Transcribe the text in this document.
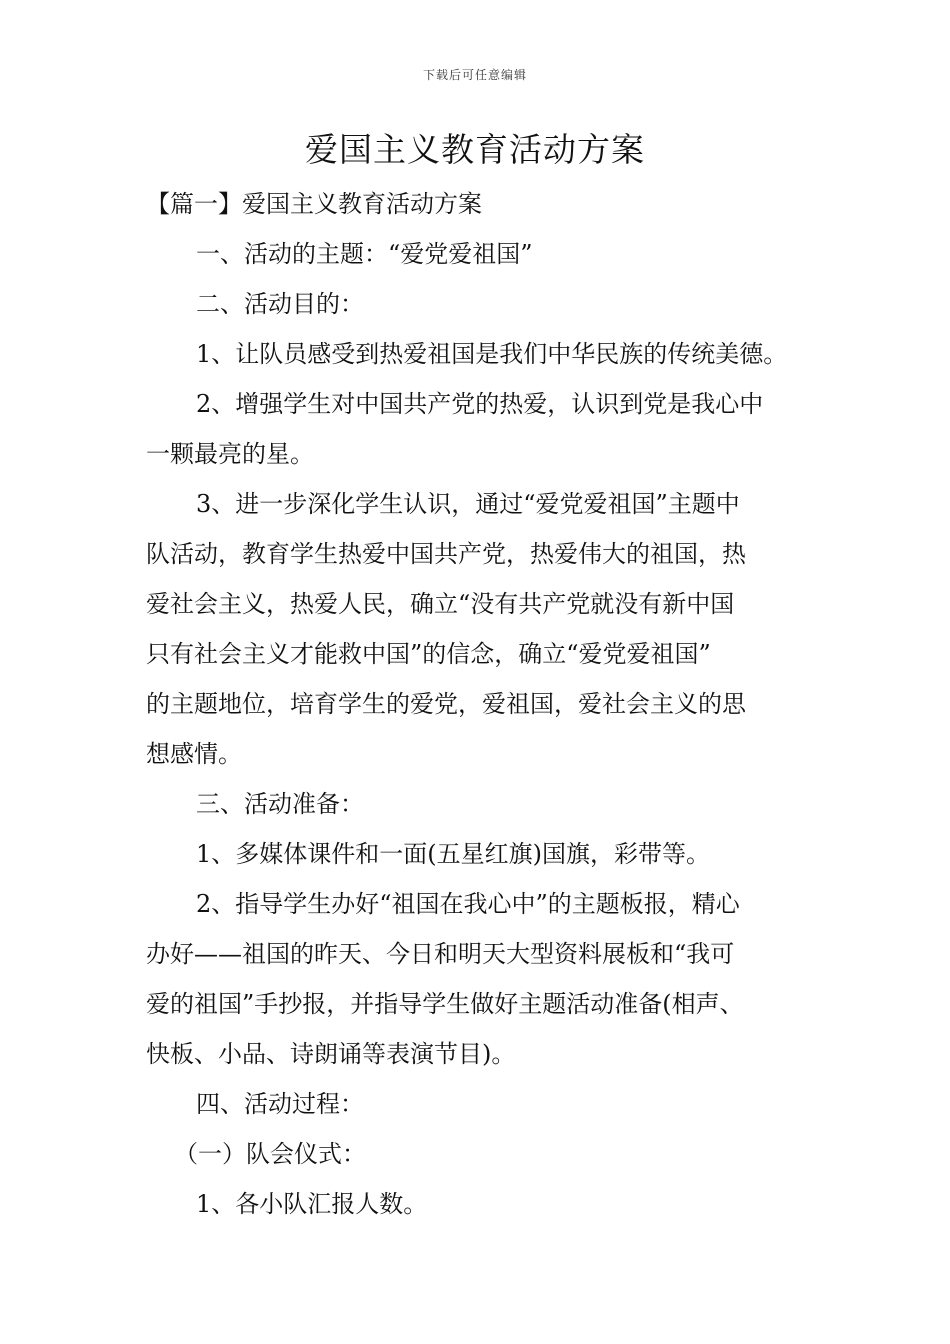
下载后可任意编辑
爱国主义教育活动方案

【篇一】爱国主义教育活动方案

一、活动的主题：“爱党爱祖国”

二、活动目的：

1、让队员感受到热爱祖国是我们中华民族的传统美德。

2、增强学生对中国共产党的热爱，认识到党是我心中

一颗最亮的星。

3、进一步深化学生认识，通过“爱党爱祖国”主题中

队活动，教育学生热爱中国共产党，热爱伟大的祖国，热

爱社会主义，热爱人民，确立“没有共产党就没有新中国

只有社会主义才能救中国”的信念，确立“爱党爱祖国”

的主题地位，培育学生的爱党，爱祖国，爱社会主义的思

想感情。

三、活动准备：

1、多媒体课件和一面(五星红旗)国旗，彩带等。

2、指导学生办好“祖国在我心中”的主题板报，精心

办好——祖国的昨天、今日和明天大型资料展板和“我可

爱的祖国”手抄报，并指导学生做好主题活动准备(相声、

快板、小品、诗朗诵等表演节目)。

四、活动过程：

（一）队会仪式：

1、各小队汇报人数。
